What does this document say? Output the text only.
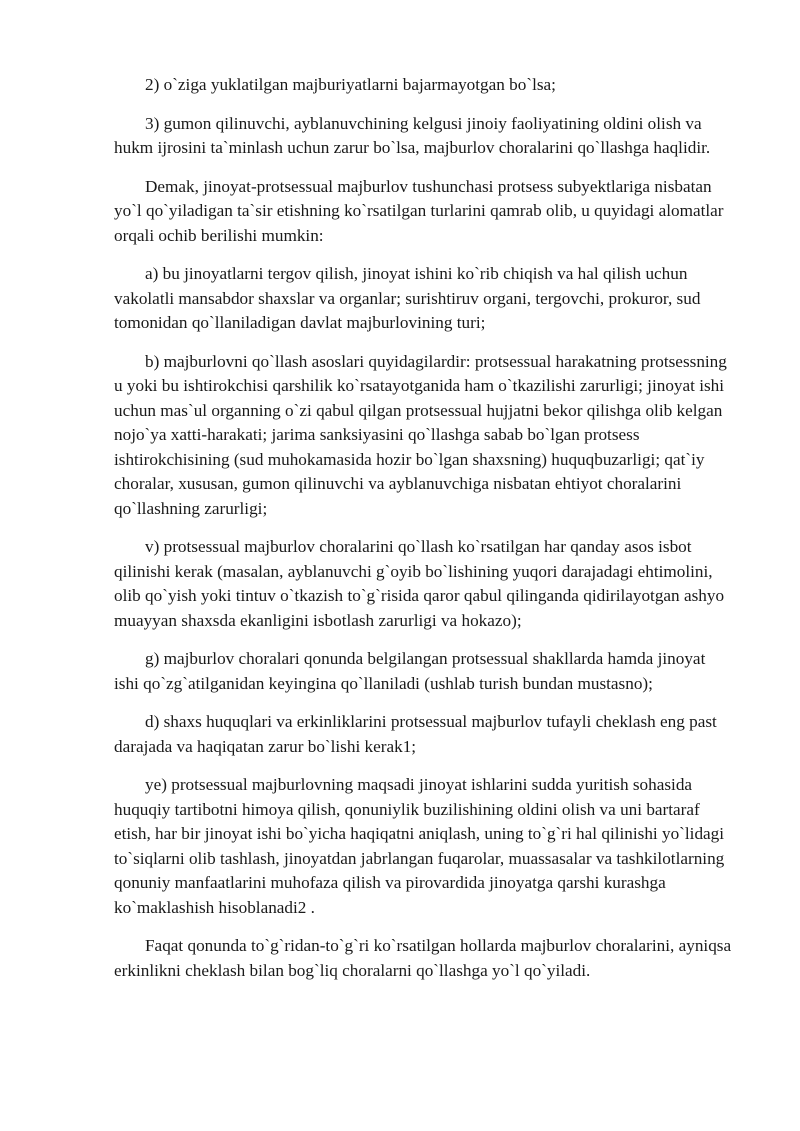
2) o`ziga yuklatilgan majburiyatlarni bajarmayotgan bo`lsa;

3) gumon qilinuvchi, ayblanuvchining kelgusi jinoiy faoliyatining oldini olish va hukm ijrosini ta`minlash uchun zarur bo`lsa, majburlov choralarini qo`llashga haqlidir.

Demak, jinoyat-protsessual majburlov tushunchasi protsess subyektlariga nisbatan yo`l qo`yiladigan ta`sir etishning ko`rsatilgan turlarini qamrab olib, u quyidagi alomatlar orqali ochib berilishi mumkin:

a) bu jinoyatlarni tergov qilish, jinoyat ishini ko`rib chiqish va hal qilish uchun vakolatli mansabdor shaxslar va organlar; surishtiruv organi, tergovchi, prokuror, sud tomonidan qo`llaniladigan davlat majburlovining turi;

b) majburlovni qo`llash asoslari quyidagilardir: protsessual harakatning protsessning u yoki bu ishtirokchisi qarshilik ko`rsatayotganida ham o`tkazilishi zarurligi; jinoyat ishi uchun mas`ul organning o`zi qabul qilgan protsessual hujjatni bekor qilishga olib kelgan nojo`ya xatti-harakati; jarima sanksiyasini qo`llashga sabab bo`lgan protsess ishtirokchisining (sud muhokamasida hozir bo`lgan shaxsning) huquqbuzarligi; qat`iy choralar, xususan, gumon qilinuvchi va ayblanuvchiga nisbatan ehtiyot choralarini qo`llashning zarurligi;

v) protsessual majburlov choralarini qo`llash ko`rsatilgan har qanday asos isbot qilinishi kerak (masalan, ayblanuvchi g`oyib bo`lishining yuqori darajadagi ehtimolini, olib qo`yish yoki tintuv o`tkazish to`g`risida qaror qabul qilinganda qidirilayotgan ashyo muayyan shaxsda ekanligini isbotlash zarurligi va hokazo);

g) majburlov choralari qonunda belgilangan protsessual shakllarda hamda jinoyat ishi qo`zg`atilganidan keyingina qo`llaniladi (ushlab turish bundan mustasno);

d) shaxs huquqlari va erkinliklarini protsessual majburlov tufayli cheklash eng past darajada va haqiqatan zarur bo`lishi kerak1;

ye) protsessual majburlovning maqsadi jinoyat ishlarini sudda yuritish sohasida huquqiy tartibotni himoya qilish, qonuniylik buzilishining oldini olish va uni bartaraf etish, har bir jinoyat ishi bo`yicha haqiqatni aniqlash, uning to`g`ri hal qilinishi yo`lidagi to`siqlarni olib tashlash, jinoyatdan jabrlangan fuqarolar, muassasalar va tashkilotlarning qonuniy manfaatlarini muhofaza qilish va pirovardida jinoyatga qarshi kurashga ko`maklashish hisoblanadi2 .

Faqat qonunda to`g`ridan-to`g`ri ko`rsatilgan hollarda majburlov choralarini, ayniqsa erkinlikni cheklash bilan bog`liq choralarni qo`llashga yo`l qo`yiladi.
